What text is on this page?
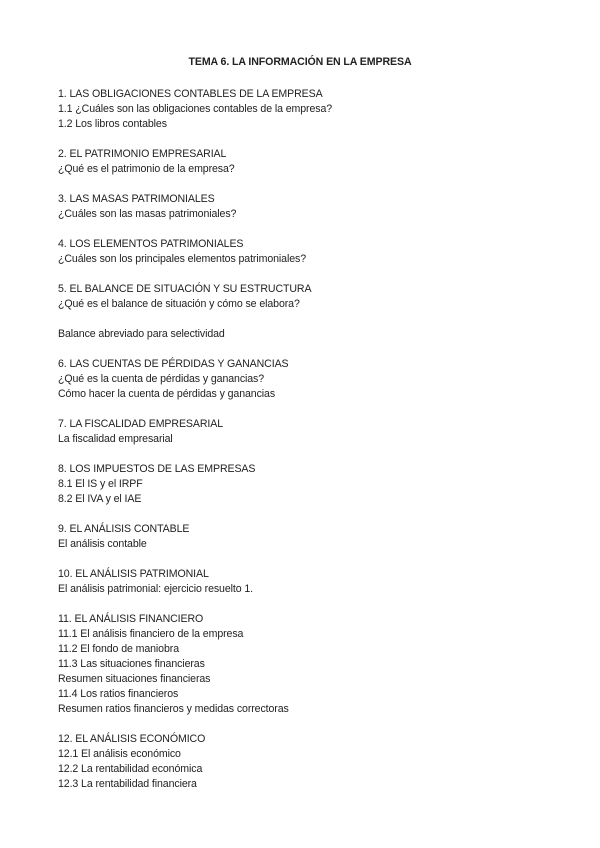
TEMA 6. LA INFORMACIÓN EN LA EMPRESA
1. LAS OBLIGACIONES CONTABLES DE LA EMPRESA
1.1 ¿Cuáles son las obligaciones contables de la empresa?
1.2 Los libros contables
2. EL PATRIMONIO EMPRESARIAL
¿Qué es el patrimonio de la empresa?
3. LAS MASAS PATRIMONIALES
¿Cuáles son las masas patrimoniales?
4. LOS ELEMENTOS PATRIMONIALES
¿Cuáles son los principales elementos patrimoniales?
5. EL BALANCE DE SITUACIÓN Y SU ESTRUCTURA
¿Qué es el balance de situación y cómo se elabora?
Balance abreviado para selectividad
6. LAS CUENTAS DE PÉRDIDAS Y GANANCIAS
¿Qué es la cuenta de pérdidas y ganancias?
Cómo hacer la cuenta de pérdidas y ganancias
7. LA FISCALIDAD EMPRESARIAL
La fiscalidad empresarial
8. LOS IMPUESTOS DE LAS EMPRESAS
8.1 El IS y el IRPF
8.2 El IVA y el IAE
9. EL ANÁLISIS CONTABLE
El análisis contable
10. EL ANÁLISIS PATRIMONIAL
El análisis patrimonial: ejercicio resuelto 1.
11. EL ANÁLISIS FINANCIERO
11.1 El análisis financiero de la empresa
11.2 El fondo de maniobra
11.3 Las situaciones financieras
Resumen situaciones financieras
11.4 Los ratios financieros
Resumen ratios financieros y medidas correctoras
12. EL ANÁLISIS ECONÓMICO
12.1 El análisis económico
12.2 La rentabilidad económica
12.3 La rentabilidad financiera
